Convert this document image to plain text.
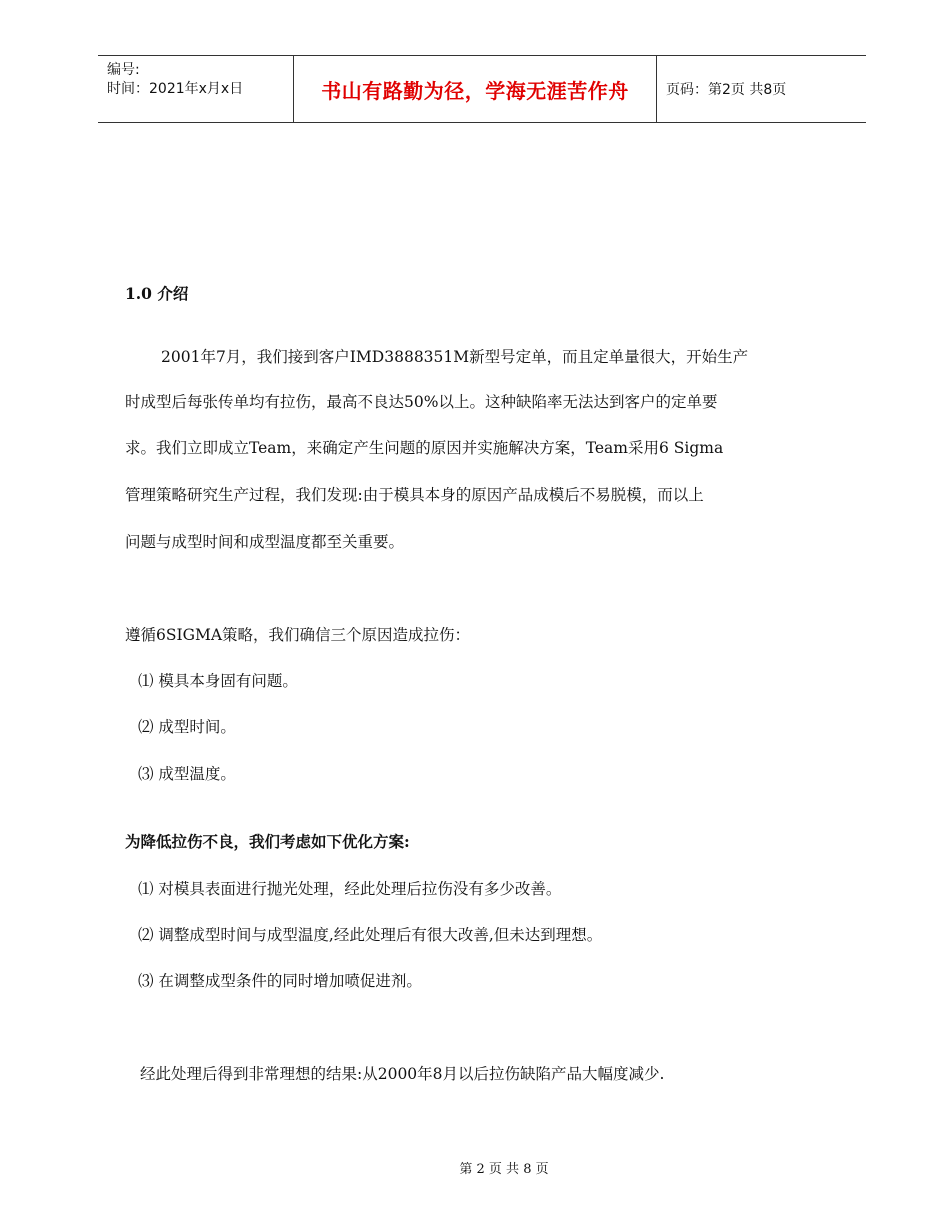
编号:
时间：2021年x月x日	书山有路勤为径，学海无涯苦作舟	页码：第2页 共8页
1.0 介绍
2001年7月，我们接到客户IMD3888351M新型号定单，而且定单量很大，开始生产
时成型后每张传单均有拉伤，最高不良达50%以上。这种缺陷率无法达到客户的定单要
求。我们立即成立Team，来确定产生问题的原因并实施解决方案，Team采用6 Sigma
管理策略研究生产过程，我们发现:由于模具本身的原因产品成模后不易脱模，而以上
问题与成型时间和成型温度都至关重要。
遵循6SIGMA策略，我们确信三个原因造成拉伤：
⑴ 模具本身固有问题。
⑵ 成型时间。
⑶ 成型温度。
为降低拉伤不良，我们考虑如下优化方案:
⑴ 对模具表面进行抛光处理，经此处理后拉伤没有多少改善。
⑵ 调整成型时间与成型温度,经此处理后有很大改善,但未达到理想。
⑶ 在调整成型条件的同时增加喷促进剂。
经此处理后得到非常理想的结果:从2000年8月以后拉伤缺陷产品大幅度减少.
第 2 页 共 8 页
